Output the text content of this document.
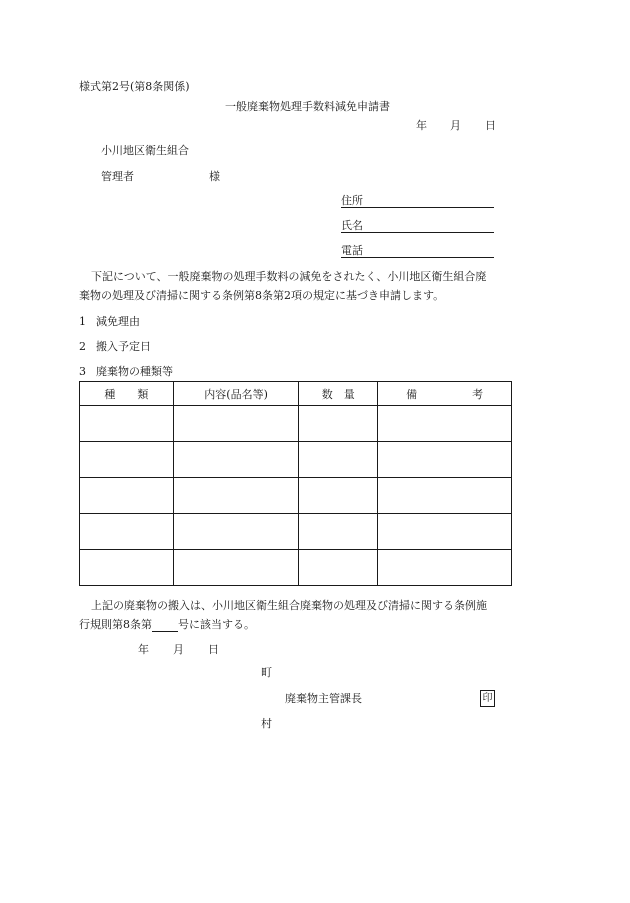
様式第2号(第8条関係)
一般廃棄物処理手数料減免申請書
年 月 日
小川地区衛生組合
管理者	様
住所
氏名
電話
下記について、一般廃棄物の処理手数料の減免をされたく、小川地区衛生組合廃
棄物の処理及び清掃に関する条例第8条第2項の規定に基づき申請します。
1 減免理由
2 搬入予定日
3 廃棄物の種類等
種　　類	内容(品名等)	数　量	備　　　　　考

上記の廃棄物の搬入は、小川地区衛生組合廃棄物の処理及び清掃に関する条例施
行規則第8条第 号に該当する。
年 月 日
町
廃棄物主管課長	印
村
